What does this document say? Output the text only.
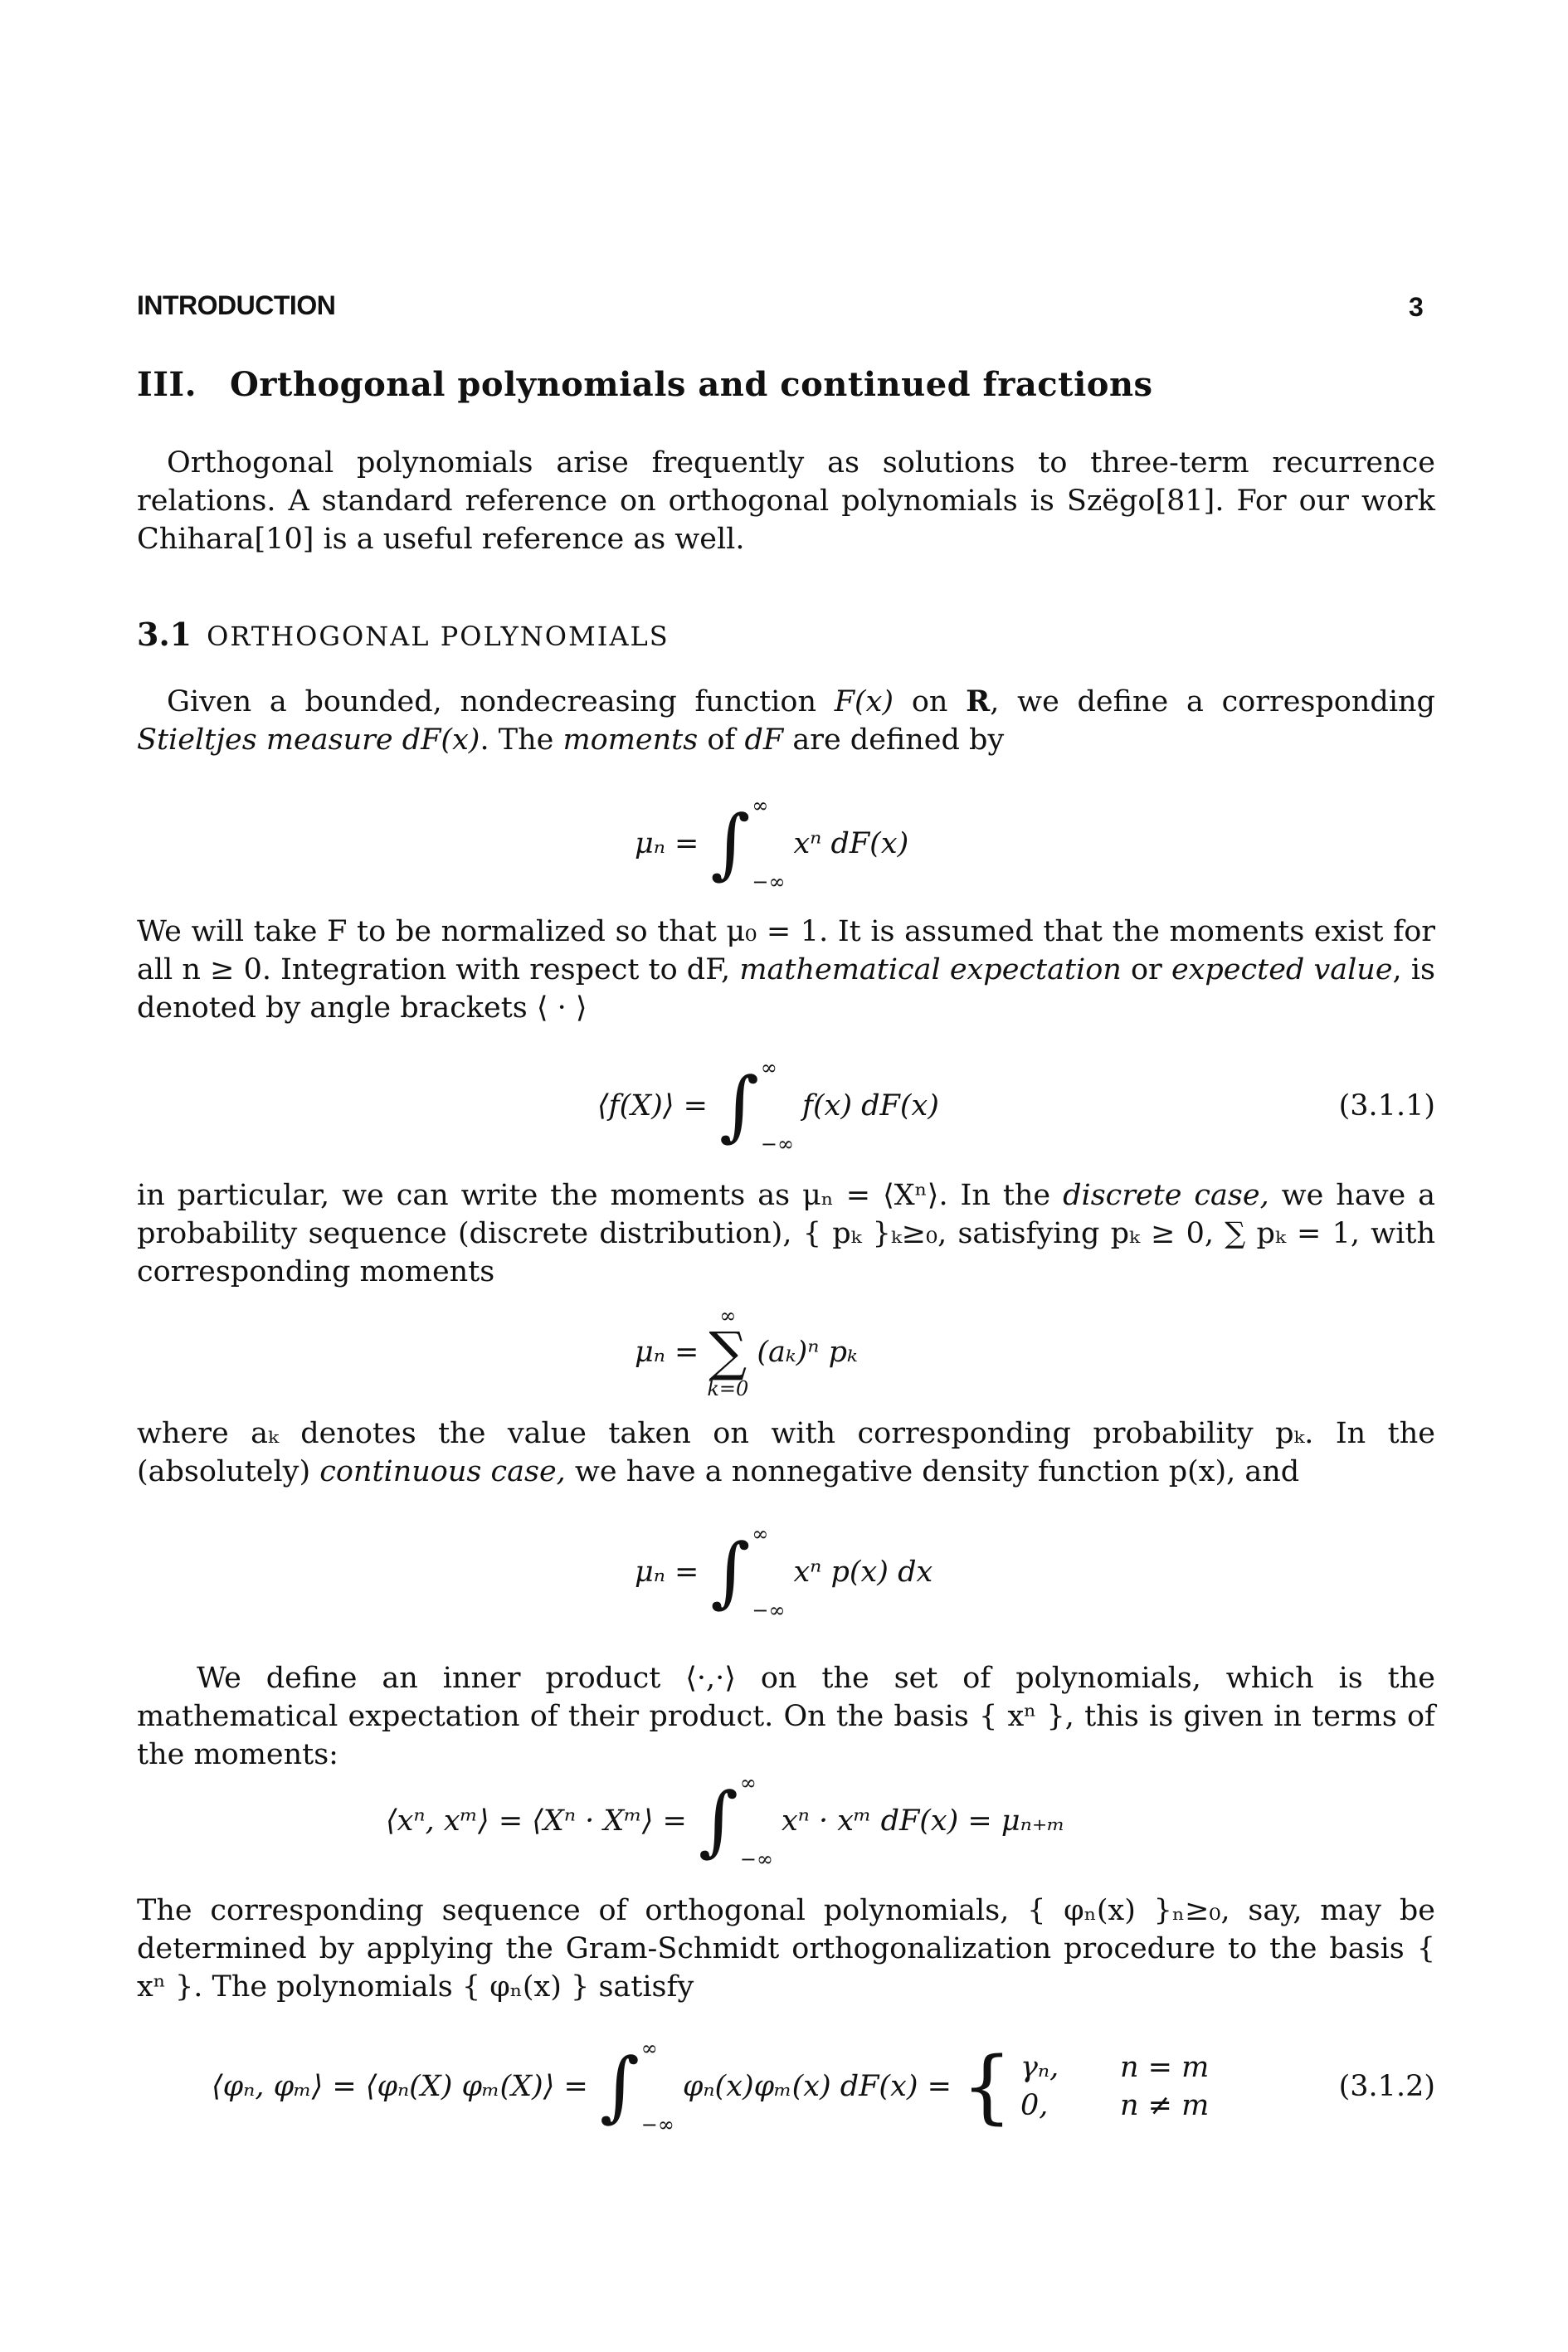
INTRODUCTION	3
III. Orthogonal polynomials and continued fractions
Orthogonal polynomials arise frequently as solutions to three-term recurrence relations. A standard reference on orthogonal polynomials is Szëgo[81]. For our work Chihara[10] is a useful reference as well.
3.1 ORTHOGONAL POLYNOMIALS
Given a bounded, nondecreasing function F(x) on R, we define a corresponding Stieltjes measure dF(x). The moments of dF are defined by
μₙ = ∫ ∞
−∞
xⁿ dF(x)
We will take F to be normalized so that μ₀ = 1. It is assumed that the moments exist for all n ≥ 0. Integration with respect to dF, mathematical expectation or expected value, is denoted by angle brackets ⟨ · ⟩
⟨f(X)⟩ = ∫ ∞
−∞
f(x) dF(x)	(3.1.1)
in particular, we can write the moments as μₙ = ⟨Xⁿ⟩. In the discrete case, we have a probability sequence (discrete distribution), { pₖ }ₖ≥₀, satisfying pₖ ≥ 0, ∑ pₖ = 1, with corresponding moments
μₙ =
∞
∑
k=0
(aₖ)ⁿ pₖ
where aₖ denotes the value taken on with corresponding probability pₖ. In the (absolutely) continuous case, we have a nonnegative density function p(x), and
μₙ = ∫ ∞
−∞
xⁿ p(x) dx
We define an inner product ⟨·,·⟩ on the set of polynomials, which is the mathematical expectation of their product. On the basis { xⁿ }, this is given in terms of the moments:
⟨xⁿ, xᵐ⟩ = ⟨Xⁿ · Xᵐ⟩ = ∫ ∞
−∞
xⁿ · xᵐ dF(x) = μₙ₊ₘ
The corresponding sequence of orthogonal polynomials, { φₙ(x) }ₙ≥₀, say, may be determined by applying the Gram-Schmidt orthogonalization procedure to the basis { xⁿ }. The polynomials { φₙ(x) } satisfy
⟨φₙ, φₘ⟩ = ⟨φₙ(X) φₘ(X)⟩ = ∫ ∞
−∞
φₙ(x)φₘ(x) dF(x) = { γₙ,	n = m
0,	n ≠ m
(3.1.2)
